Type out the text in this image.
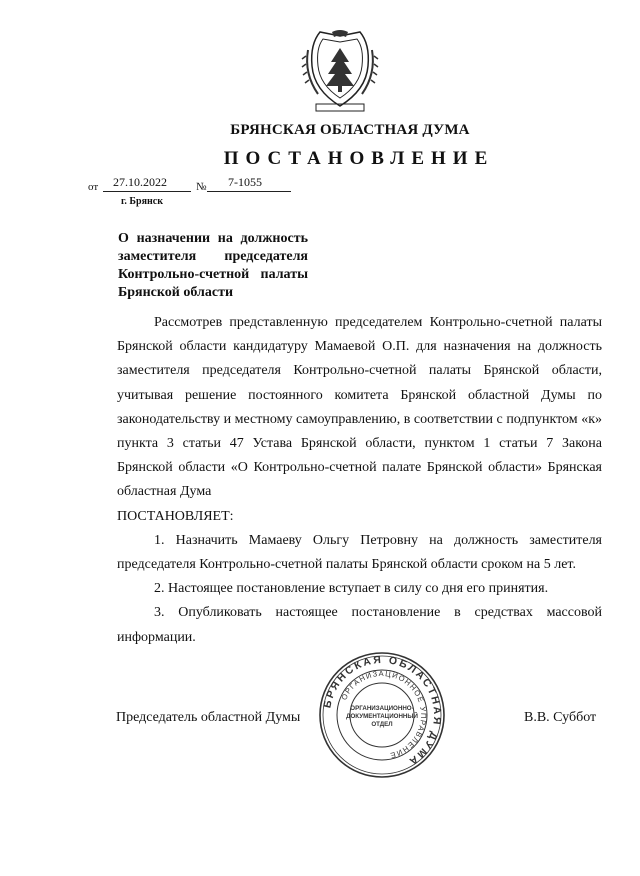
БРЯНСКАЯ ОБЛАСТНАЯ ДУМА
ПОСТАНОВЛЕНИЕ
от 27.10.2022	№ 7-1055
г. Брянск
О назначении на должность
заместителя председателя
Контрольно-счетной палаты
Брянской области

Рассмотрев представленную председателем Контрольно-счетной палаты Брянской области кандидатуру Мамаевой О.П. для назначения на должность заместителя председателя Контрольно-счетной палаты Брянской области, учитывая решение постоянного комитета Брянской областной Думы по законодательству и местному самоуправлению, в соответствии с подпунктом «к» пункта 3 статьи 47 Устава Брянской области, пунктом 1 статьи 7 Закона Брянской области «О Контрольно-счетной палате Брянской области» Брянская областная Дума

ПОСТАНОВЛЯЕТ:

1. Назначить Мамаеву Ольгу Петровну на должность заместителя председателя Контрольно-счетной палаты Брянской области сроком на 5 лет.

2. Настоящее постановление вступает в силу со дня его принятия.

3. Опубликовать настоящее постановление в средствах массовой информации.

Председатель областной Думы	В.В. Суббот
БРЯНСКАЯ ОБЛАСТНАЯ ДУМА
ОРГАНИЗАЦИОННОЕ УПРАВЛЕНИЕ
ОРГАНИЗАЦИОННО-
ДОКУМЕНТАЦИОННЫЙ
ОТДЕЛ
